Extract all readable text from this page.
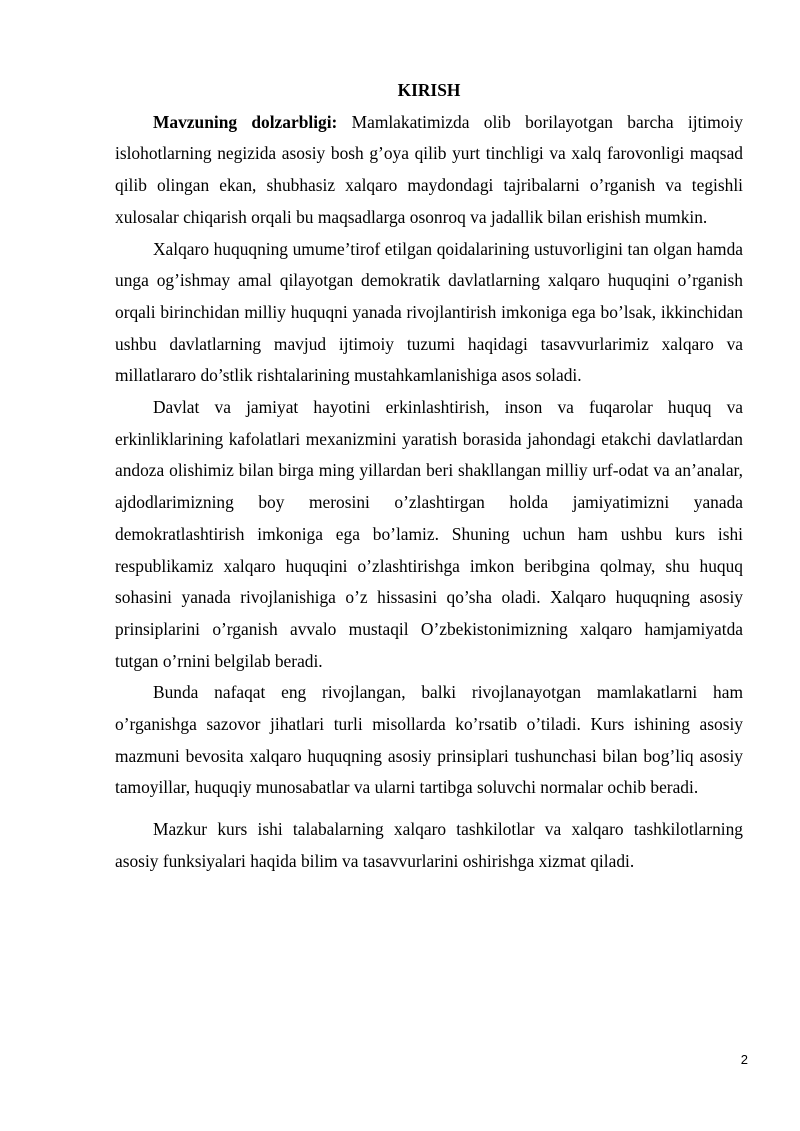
KIRISH

Mavzuning dolzarbligi: Mamlakatimizda olib borilayotgan barcha ijtimoiy islohotlarning negizida asosiy bosh g’oya qilib yurt tinchligi va xalq farovonligi maqsad qilib olingan ekan, shubhasiz xalqaro maydondagi tajribalarni o’rganish va tegishli xulosalar chiqarish orqali bu maqsadlarga osonroq va jadallik bilan erishish mumkin.

Xalqaro huquqning umume’tirof etilgan qoidalarining ustuvorligini tan olgan hamda unga og’ishmay amal qilayotgan demokratik davlatlarning xalqaro huquqini o’rganish orqali birinchidan milliy huquqni yanada rivojlantirish imkoniga ega bo’lsak, ikkinchidan ushbu davlatlarning mavjud ijtimoiy tuzumi haqidagi tasavvurlarimiz xalqaro va millatlararo do’stlik rishtalarining mustahkamlanishiga asos soladi.

Davlat va jamiyat hayotini erkinlashtirish, inson va fuqarolar huquq va erkinliklarining kafolatlari mexanizmini yaratish borasida jahondagi etakchi davlatlardan andoza olishimiz bilan birga ming yillardan beri shakllangan milliy urf-odat va an’analar, ajdodlarimizning boy merosini o’zlashtirgan holda jamiyatimizni yanada demokratlashtirish imkoniga ega bo’lamiz. Shuning uchun ham ushbu kurs ishi respublikamiz xalqaro huquqini o’zlashtirishga imkon beribgina qolmay, shu huquq sohasini yanada rivojlanishiga o’z hissasini qo’sha oladi. Xalqaro huquqning asosiy prinsiplarini o’rganish avvalo mustaqil O’zbekistonimizning xalqaro hamjamiyatda tutgan o’rnini belgilab beradi.

Bunda nafaqat eng rivojlangan, balki rivojlanayotgan mamlakatlarni ham o’rganishga sazovor jihatlari turli misollarda ko’rsatib o’tiladi. Kurs ishining asosiy mazmuni bevosita xalqaro huquqning asosiy prinsiplari tushunchasi bilan bog’liq asosiy tamoyillar, huquqiy munosabatlar va ularni tartibga soluvchi normalar ochib beradi.

Mazkur kurs ishi talabalarning xalqaro tashkilotlar va xalqaro tashkilotlarning asosiy funksiyalari haqida bilim va tasavvurlarini oshirishga xizmat qiladi.

2
